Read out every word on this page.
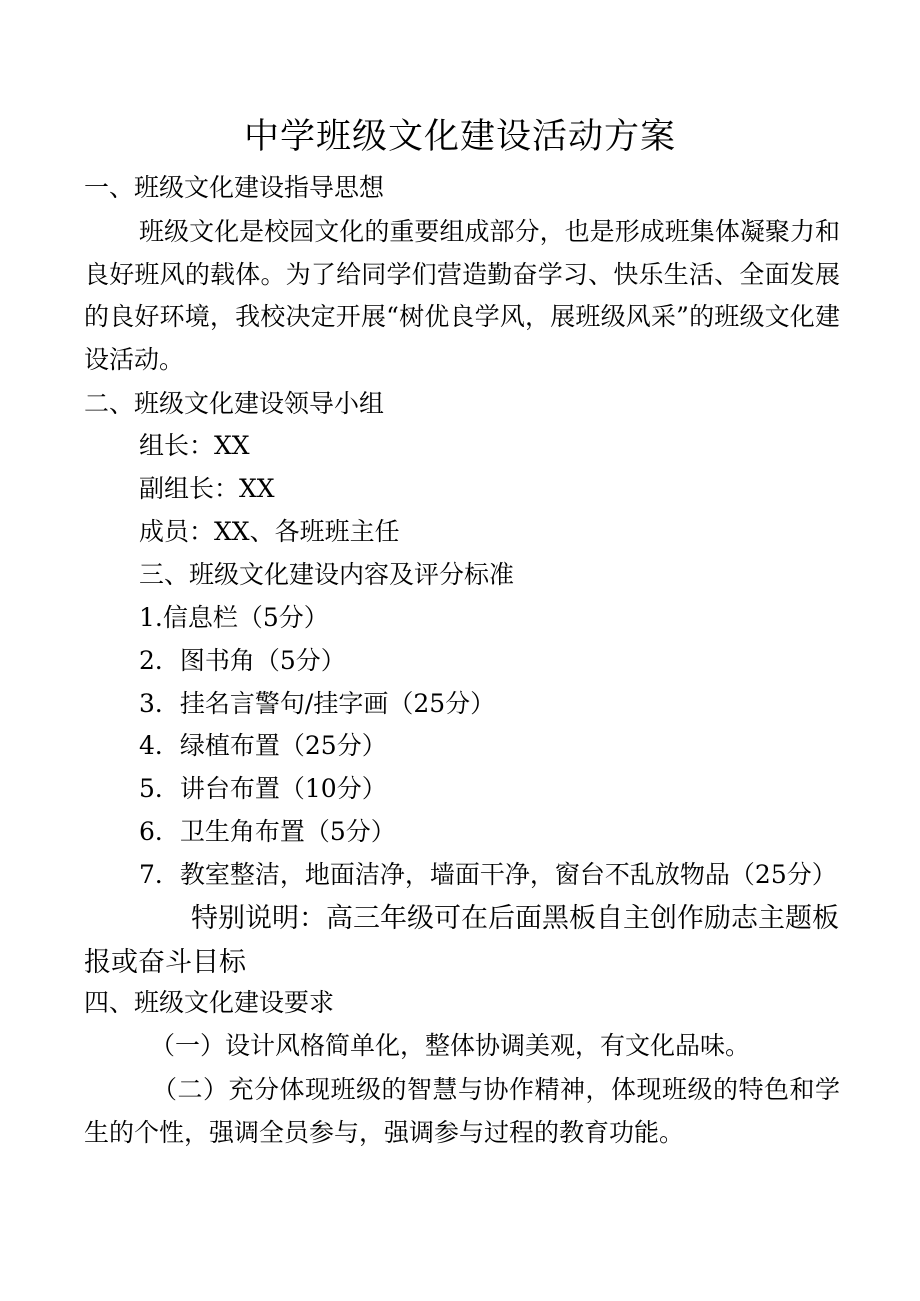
中学班级文化建设活动方案
一、班级文化建设指导思想
班级文化是校园文化的重要组成部分，也是形成班集体凝聚力和良好班风的载体。为了给同学们营造勤奋学习、快乐生活、全面发展的良好环境，我校决定开展“树优良学风，展班级风采”的班级文化建设活动。
二、班级文化建设领导小组
组长：XX
副组长：XX
成员：XX、各班班主任
三、班级文化建设内容及评分标准
1.信息栏（5分）
2．图书角（5分）
3．挂名言警句/挂字画（25分）
4．绿植布置（25分）
5．讲台布置（10分）
6．卫生角布置（5分）
7．教室整洁，地面洁净，墙面干净，窗台不乱放物品（25分）
特别说明：高三年级可在后面黑板自主创作励志主题板报或奋斗目标
四、班级文化建设要求
（一）设计风格简单化，整体协调美观，有文化品味。
（二）充分体现班级的智慧与协作精神，体现班级的特色和学生的个性，强调全员参与，强调参与过程的教育功能。
